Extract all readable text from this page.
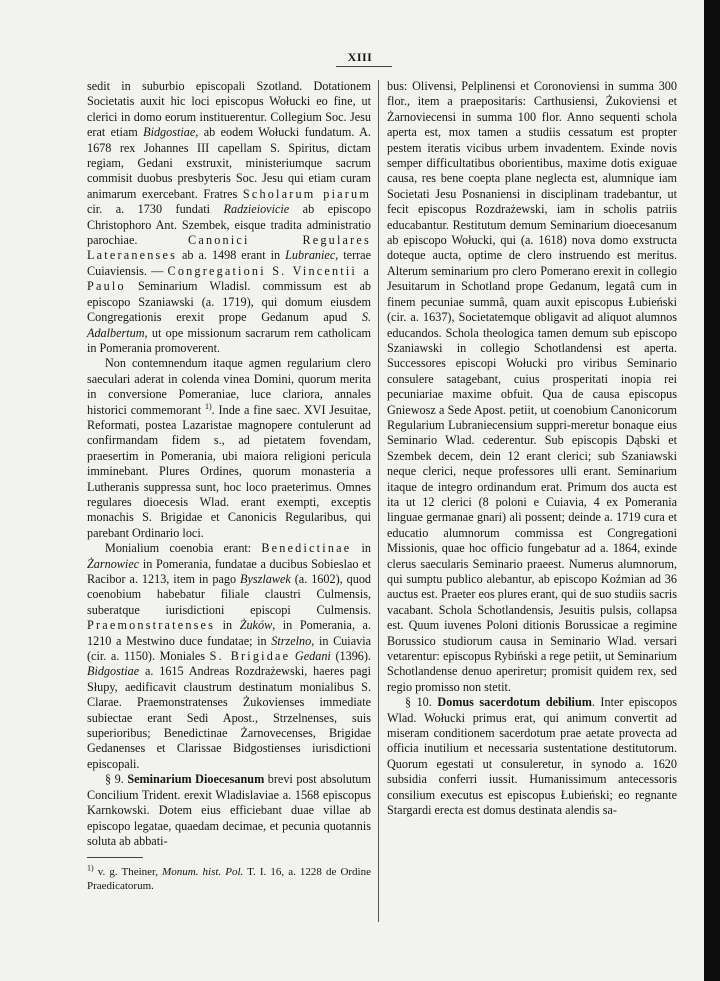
XIII

sedit in suburbio episcopali Szotland. Dotationem Societatis auxit hic loci episcopus Wołucki eo fine, ut clerici in domo eorum instituerentur. Collegium Soc. Jesu erat etiam Bidgostiae, ab eodem Wołucki fundatum. A. 1678 rex Johannes III capellam S. Spiritus, dictam regiam, Gedani exstruxit, ministeriumque sacrum commisit duobus presbyteris Soc. Jesu qui etiam curam animarum exercebant. Fratres Scholarum piarum cir. a. 1730 fundati Radzieiovicie ab episcopo Christophoro Ant. Szembek, eisque tradita administratio parochiae. Canonici Regulares Lateranenses ab a. 1498 erant in Lubraniec, terrae Cuiaviensis. — Congregationi S. Vincentii a Paulo Seminarium Wladisl. commissum est ab episcopo Szaniawski (a. 1719), qui domum eiusdem Congregationis erexit prope Gedanum apud S. Adalbertum, ut ope missionum sacrarum rem catholicam in Pomerania promoverent.

Non contemnendum itaque agmen regularium clero saeculari aderat in colenda vinea Domini, quorum merita in conversione Pomeraniae, luce clariora, annales historici commemorant $^{1)}$. Inde a fine saec. XVI Jesuitae, Reformati, postea Lazaristae magnopere contulerunt ad confirmandam fidem s., ad pietatem fovendam, praesertim in Pomerania, ubi maiora religioni pericula imminebant. Plures Ordines, quorum monasteria a Lutheranis suppressa sunt, hoc loco praeterimus. Omnes regulares dioecesis Wlad. erant exempti, exceptis monachis S. Brigidae et Canonicis Regularibus, qui parebant Ordinario loci.

Monialium coenobia erant: Benedictinae in Żarnowiec in Pomerania, fundatae a ducibus Sobieslao et Racibor a. 1213, item in pago Byszlawek (a. 1602), quod coenobium habebatur filiale claustri Culmensis, suberatque iurisdictioni episcopi Culmensis. Praemonstratenses in Żuków, in Pomerania, a. 1210 a Mestwino duce fundatae; in Strzelno, in Cuiavia (cir. a. 1150). Moniales S. Brigidae Gedani (1396). Bidgostiae a. 1615 Andreas Rozdrażewski, haeres pagi Słupy, aedificavit claustrum destinatum monialibus S. Clarae. Praemonstratenses Żukovienses immediate subiectae erant Sedi Apost., Strzelnenses, suis superioribus; Benedictinae Żarnovecenses, Brigidae Gedanenses et Clarissae Bidgostienses iurisdictioni episcopali.

§ 9. Seminarium Dioecesanum brevi post absolutum Concilium Trident. erexit Wladislaviae a. 1568 episcopus Karnkowski. Dotem eius efficiebant duae villae ab episcopo legatae, quaedam decimae, et pecunia quotannis soluta ab abbati-

bus: Olivensi, Pelplinensi et Coronoviensi in summa 300 flor., item a praepositaris: Carthusiensi, Żukoviensi et Żarnoviecensi in summa 100 flor. Anno sequenti schola aperta est, mox tamen a studiis cessatum est propter pestem iteratis vicibus urbem invadentem. Exinde novis semper difficultatibus oborientibus, maxime dotis exiguae causa, res bene coepta plane neglecta est, alumnique iam Societati Jesu Posnaniensi in disciplinam tradebantur, ut fecit episcopus Rozdrażewski, iam in scholis patriis educabantur. Restitutum demum Seminarium dioecesanum ab episcopo Wołucki, qui (a. 1618) nova domo exstructa doteque aucta, optime de clero instruendo est meritus. Alterum seminarium pro clero Pomerano erexit in collegio Jesuitarum in Schotland prope Gedanum, legatâ cum in finem pecuniae summâ, quam auxit episcopus Łubieński (cir. a. 1637), Societatemque obligavit ad aliquot alumnos educandos. Schola theologica tamen demum sub episcopo Szaniawski in collegio Schotlandensi est aperta. Successores episcopi Wołucki pro viribus Seminario consulere satagebant, cuius prosperitati inopia rei pecuniariae maxime obfuit. Qua de causa episcopus Gniewosz a Sede Apost. petiit, ut coenobium Canonicorum Regularium Lubraniecensium suppri-meretur bonaque eius Seminario Wlad. cederentur. Sub episcopis Dąbski et Szembek decem, dein 12 erant clerici; sub Szaniawski neque clerici, neque professores ulli erant. Seminarium itaque de integro ordinandum erat. Primum dos aucta est ita ut 12 clerici (8 poloni e Cuiavia, 4 ex Pomerania linguae germanae gnari) ali possent; deinde a. 1719 cura et educatio alumnorum commissa est Congregationi Missionis, quae hoc officio fungebatur ad a. 1864, exinde clerus saecularis Seminario praeest. Numerus alumnorum, qui sumptu publico alebantur, ab episcopo Koźmian ad 36 auctus est. Praeter eos plures erant, qui de suo studiis sacris vacabant. Schola Schotlandensis, Jesuitis pulsis, collapsa est. Quum iuvenes Poloni ditionis Borussicae a regimine Borussico studiorum causa in Seminario Wlad. versari vetarentur: episcopus Rybiński a rege petiit, ut Seminarium Schotlandense denuo aperiretur; promisit quidem rex, sed regio promisso non stetit.

§ 10. Domus sacerdotum debilium. Inter episcopos Wlad. Wołucki primus erat, qui animum convertit ad miseram conditionem sacerdotum prae aetate provecta ad officia inutilium et necessaria sustentatione destitutorum. Quorum egestati ut consuleretur, in synodo a. 1620 subsidia conferri iussit. Humanissimum antecessoris consilium executus est episcopus Łubieński; eo regnante Stargardi erecta est domus destinata alendis sa-

$^{1)}$ v. g. Theiner, Monum. hist. Pol. T. I. 16, a. 1228 de Ordine Praedicatorum.
